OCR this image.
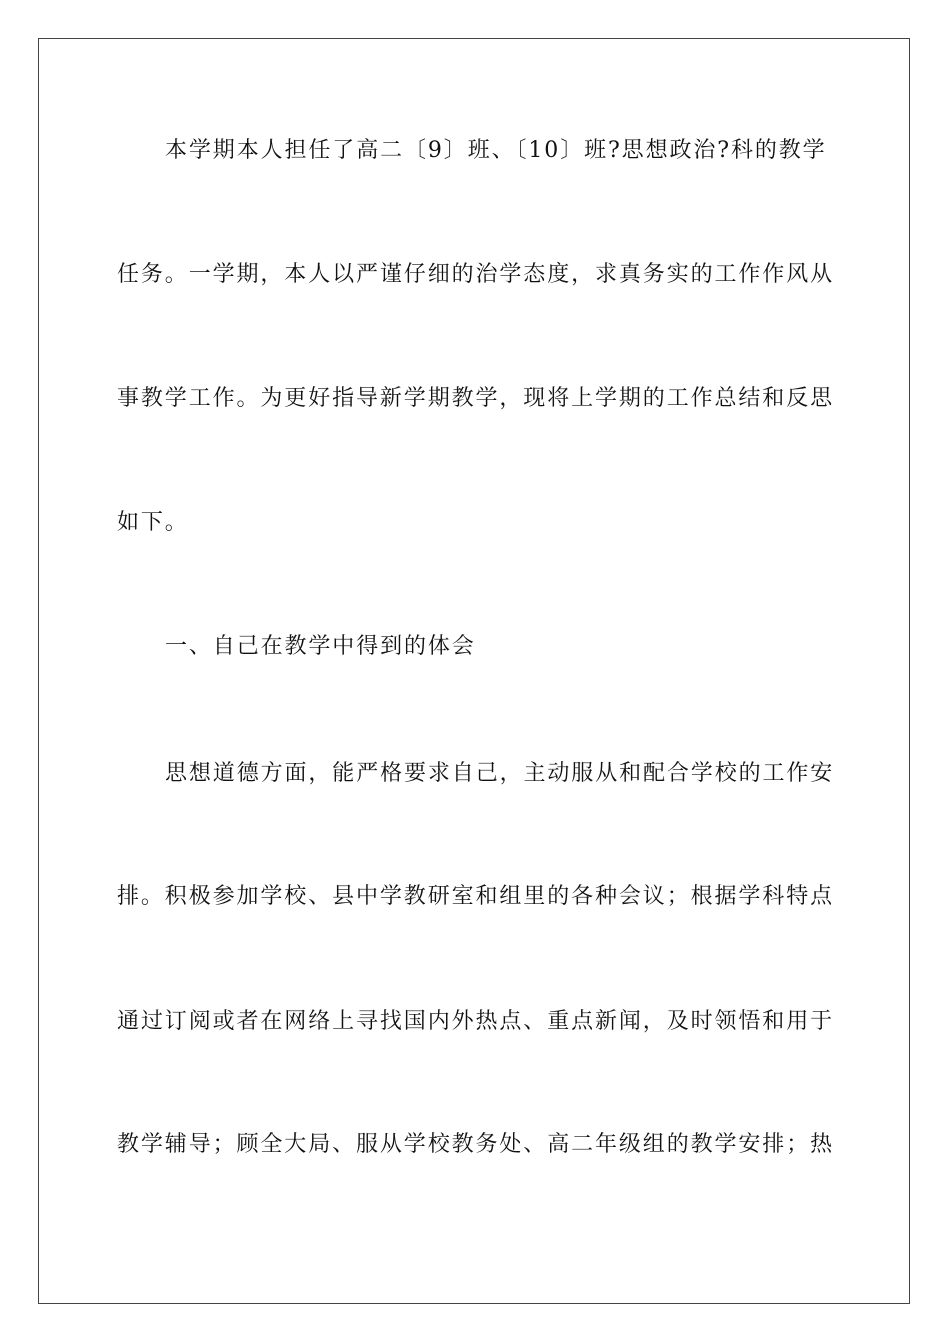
本学期本人担任了高二〔9〕班、〔10〕班?思想政治?科的教学
任务。一学期，本人以严谨仔细的治学态度，求真务实的工作作风从
事教学工作。为更好指导新学期教学，现将上学期的工作总结和反思
如下。
一、自己在教学中得到的体会
思想道德方面，能严格要求自己，主动服从和配合学校的工作安
排。积极参加学校、县中学教研室和组里的各种会议；根据学科特点
通过订阅或者在网络上寻找国内外热点、重点新闻，及时领悟和用于
教学辅导；顾全大局、服从学校教务处、高二年级组的教学安排；热
